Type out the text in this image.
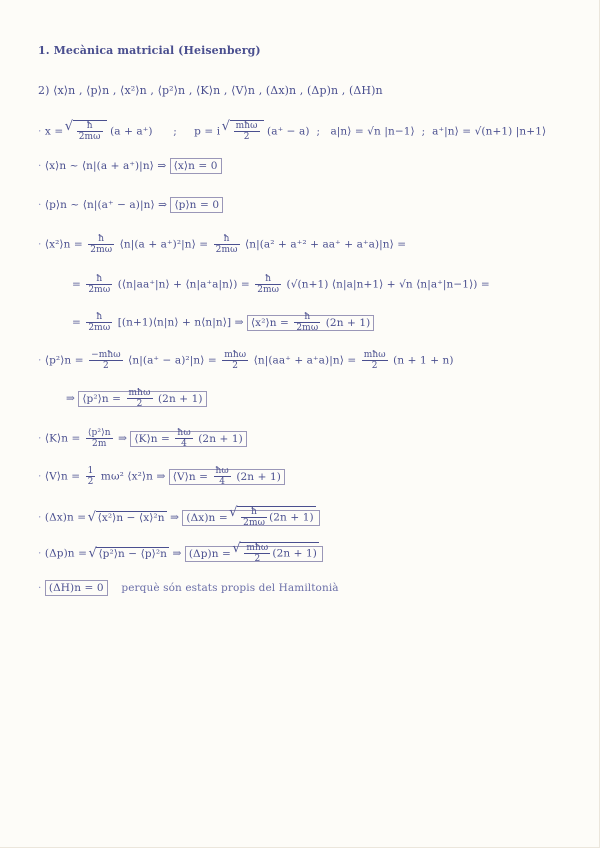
1. Mecànica matricial (Heisenberg)
2) ⟨x⟩n , ⟨p⟩n , ⟨x²⟩n , ⟨p²⟩n , ⟨K⟩n , ⟨V⟩n , (Δx)n , (Δp)n , (ΔH)n
· x = √ $\frac{ħ}{2m\omega} (a + a^+)$ ; p = i √ $\frac{\text{mħω}}{2} (a^+ - a)$ ; a|n⟩ = √n |n−1⟩ ; a⁺|n⟩ = √(n+1) |n+1⟩
· ⟨x⟩n ~ ⟨n|(a + a⁺)|n⟩ ⇒ ⟨x⟩n = 0
· ⟨p⟩n ~ ⟨n|(a⁺ − a)|n⟩ ⇒ ⟨p⟩n = 0
· ⟨x²⟩n = $\frac{ħ}{2m\omega}$ ⟨n|(a + a⁺)²|n⟩ = $\frac{ħ}{2m\omega}$ ⟨n|(a² + a⁺² + aa⁺ + a⁺a)|n⟩ =
= $\frac{ħ}{2m\omega}$ (⟨n|aa⁺|n⟩ + ⟨n|a⁺a|n⟩) = $\frac{ħ}{2m\omega} (√(n+1)$ ⟨n|a|n+1⟩ + √n ⟨n|a⁺|n−1⟩) =
= $\frac{ħ}{2m\omega}$ [(n+1)⟨n|n⟩ + n⟨n|n⟩] ⇒ ⟨x²⟩n = $\frac{ħ}{2m\omega} (2n + 1)$
· ⟨p²⟩n = $\frac{\text{−mħω}}{2}$ ⟨n|(a⁺ − a)²|n⟩ = $\frac{\text{mħω}}{2}$ ⟨n|(aa⁺ + a⁺a)|n⟩ = $\frac{\text{mħω}}{2} (n + 1 + n)$
⇒ ⟨p²⟩n = $\frac{\text{mħω}}{2} (2n + 1)$
· ⟨K⟩n = $\frac{\text{⟨p²⟩n}}{2m}$ ⇒ ⟨K⟩n = $\frac{ħ\omega}{4} (2n + 1)$
· ⟨V⟩n = $\frac{1}{2} m\omega^2$ ⟨x²⟩n ⇒ ⟨V⟩n = $\frac{ħ\omega}{4} (2n + 1)$
· (Δx)n = √ ⟨x²⟩n − ⟨x⟩²n ⇒ (Δx)n = √ $\frac{ħ}{2m\omega} (2n + 1)$
· (Δp)n = √ ⟨p²⟩n − ⟨p⟩²n ⇒ (Δp)n = √ $\frac{\text{mħω}}{2} (2n + 1)$
· (ΔH)n = 0 perquè són estats propis del Hamiltonià
